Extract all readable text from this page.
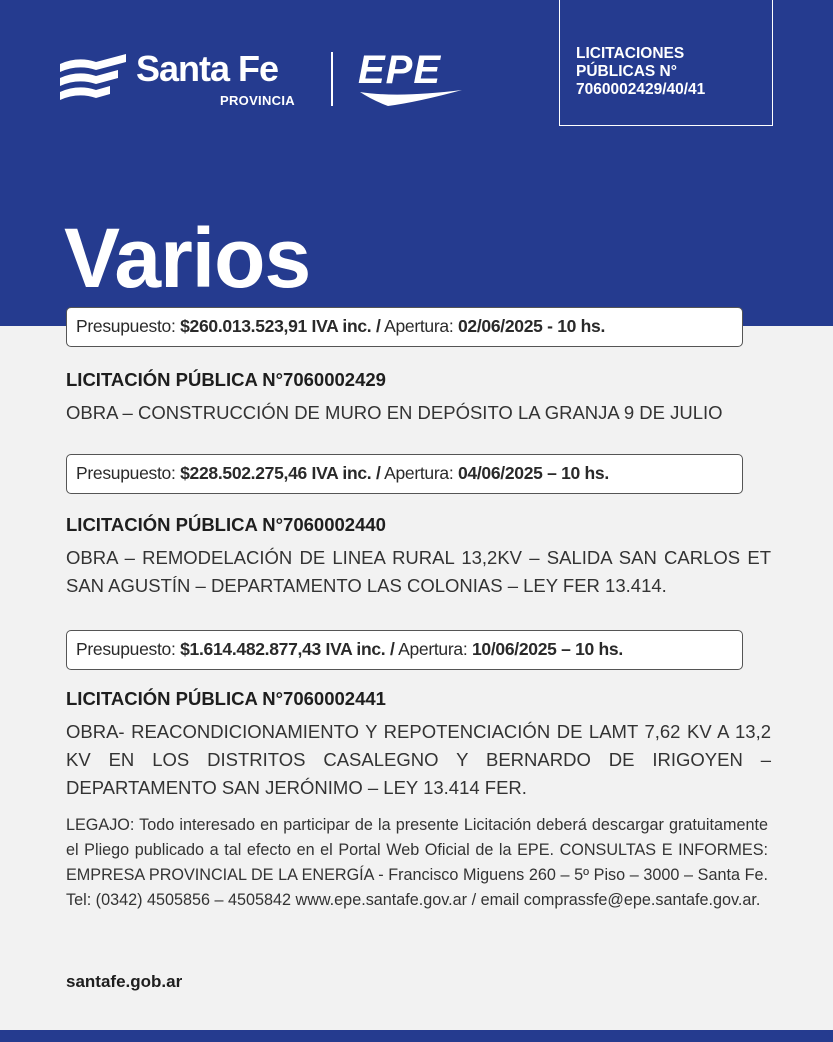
Santa Fe
PROVINCIA
EPE	LICITACIONES
PÚBLICAS N°
7060002429/40/41
Varios
Presupuesto: $260.013.523,91 IVA inc. / Apertura: 02/06/2025 - 10 hs.
LICITACIÓN PÚBLICA N°7060002429
OBRA – CONSTRUCCIÓN DE MURO EN DEPÓSITO LA GRANJA 9 DE JULIO
Presupuesto: $228.502.275,46 IVA inc. / Apertura: 04/06/2025 – 10 hs.
LICITACIÓN PÚBLICA N°7060002440
OBRA – REMODELACIÓN DE LINEA RURAL 13,2KV – SALIDA SAN CARLOS ET SAN AGUSTÍN – DEPARTAMENTO LAS COLONIAS – LEY FER 13.414.
Presupuesto: $1.614.482.877,43 IVA inc. / Apertura: 10/06/2025 – 10 hs.
LICITACIÓN PÚBLICA N°7060002441
OBRA- REACONDICIONAMIENTO Y REPOTENCIACIÓN DE LAMT 7,62 KV A 13,2 KV EN LOS DISTRITOS CASALEGNO Y BERNARDO DE IRIGOYEN – DEPARTAMENTO SAN JERÓNIMO – LEY 13.414 FER.
LEGAJO: Todo interesado en participar de la presente Licitación deberá descargar gratuitamente el Pliego publicado a tal efecto en el Portal Web Oficial de la EPE. CONSULTAS E INFORMES: EMPRESA PROVINCIAL DE LA ENERGÍA - Francisco Miguens 260 – 5º Piso – 3000 – Santa Fe. Tel: (0342) 4505856 – 4505842 www.epe.santafe.gov.ar / email comprassfe@epe.santafe.gov.ar.
santafe.gob.ar
